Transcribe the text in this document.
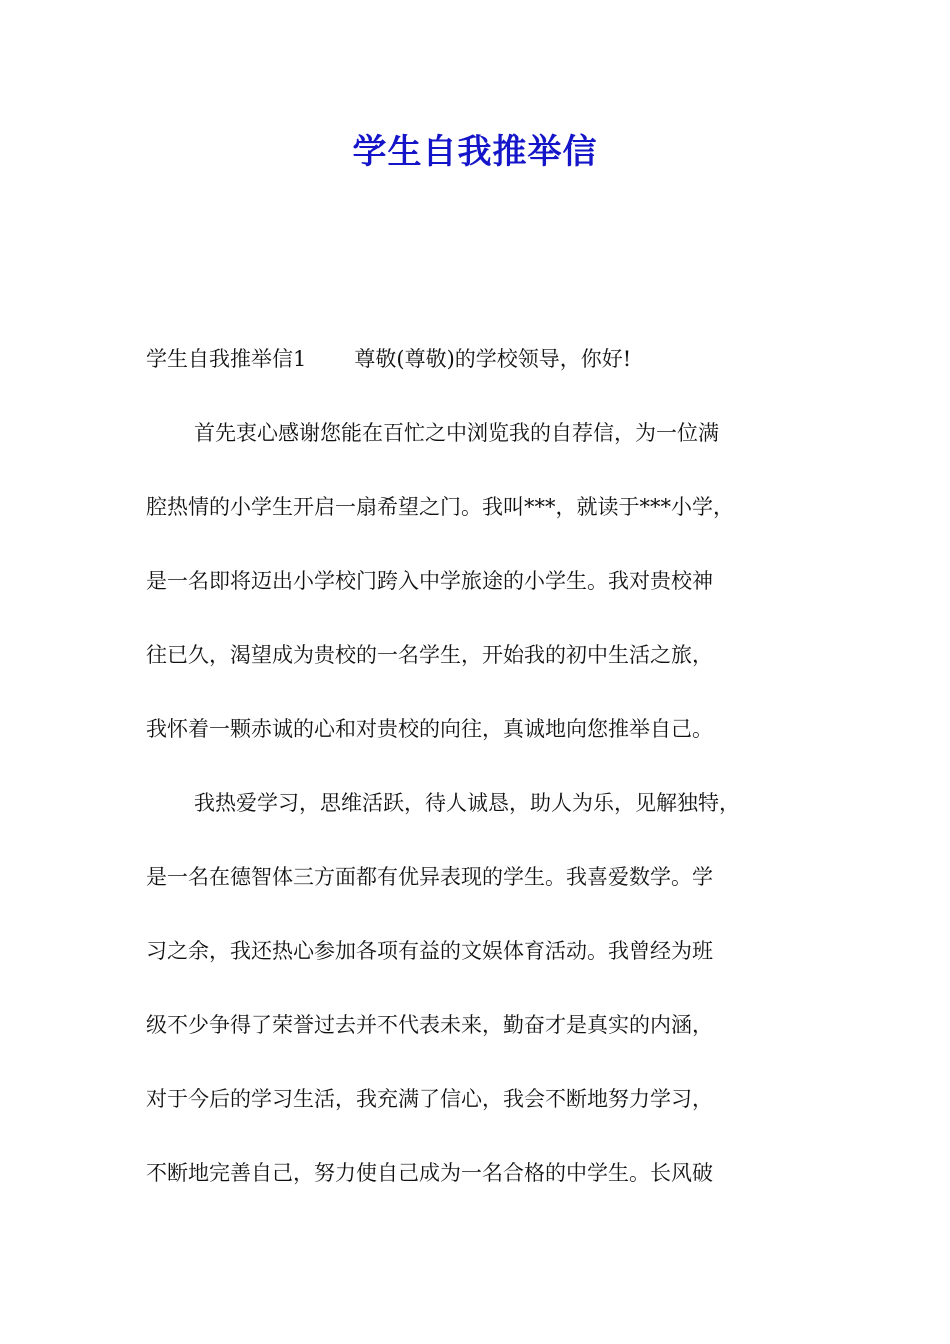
学生自我推举信
学生自我推举信1 尊敬(尊敬)的学校领导，你好!
首先衷心感谢您能在百忙之中浏览我的自荐信，为一位满
腔热情的小学生开启一扇希望之门。我叫***，就读于***小学，
是一名即将迈出小学校门跨入中学旅途的小学生。我对贵校神
往已久，渴望成为贵校的一名学生，开始我的初中生活之旅，
我怀着一颗赤诚的心和对贵校的向往，真诚地向您推举自己。
我热爱学习，思维活跃，待人诚恳，助人为乐，见解独特，
是一名在德智体三方面都有优异表现的学生。我喜爱数学。学
习之余，我还热心参加各项有益的文娱体育活动。我曾经为班
级不少争得了荣誉过去并不代表未来，勤奋才是真实的内涵，
对于今后的学习生活，我充满了信心，我会不断地努力学习，
不断地完善自己，努力使自己成为一名合格的中学生。长风破
